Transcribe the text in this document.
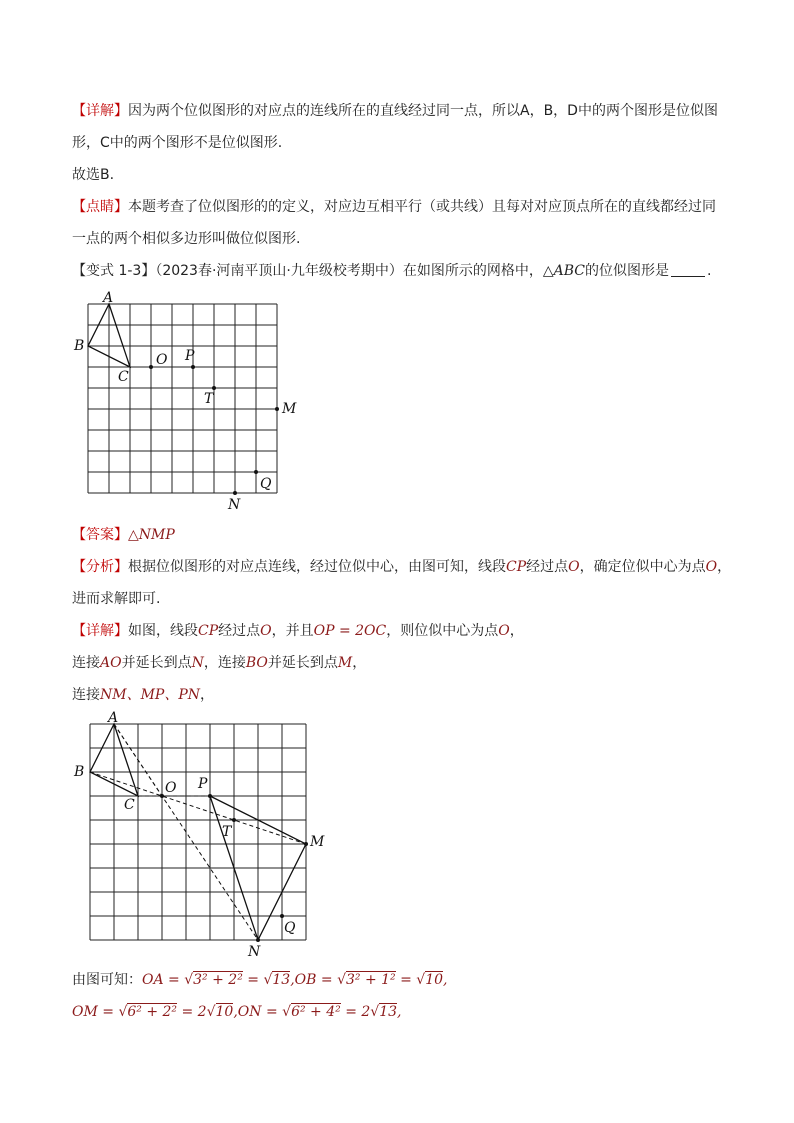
【详解】因为两个位似图形的对应点的连线所在的直线经过同一点，所以A，B，D中的两个图形是位似图
形，C中的两个图形不是位似图形.
故选B.
【点睛】本题考查了位似图形的的定义，对应边互相平行（或共线）且每对对应顶点所在的直线都经过同
一点的两个相似多边形叫做位似图形.
【变式 1-3】（2023春·河南平顶山·九年级校考期中）在如图所示的网格中，△ABC的位似图形是	.
A
B
C
O P
T
M
Q
N
【答案】△NMP
【分析】根据位似图形的对应点连线，经过位似中心，由图可知，线段CP经过点O，确定位似中心为点O，
进而求解即可.
【详解】如图，线段CP经过点O，并且OP = 2OC，则位似中心为点O，
连接AO并延长到点N，连接BO并延长到点M，
连接NM、MP、PN，
A
B
C
O P
T
M
Q
N
由图可知：OA = √3² + 2² = √13,OB = √3² + 1² = √10,
OM = √6² + 2² = 2√10,ON = √6² + 4² = 2√13,
